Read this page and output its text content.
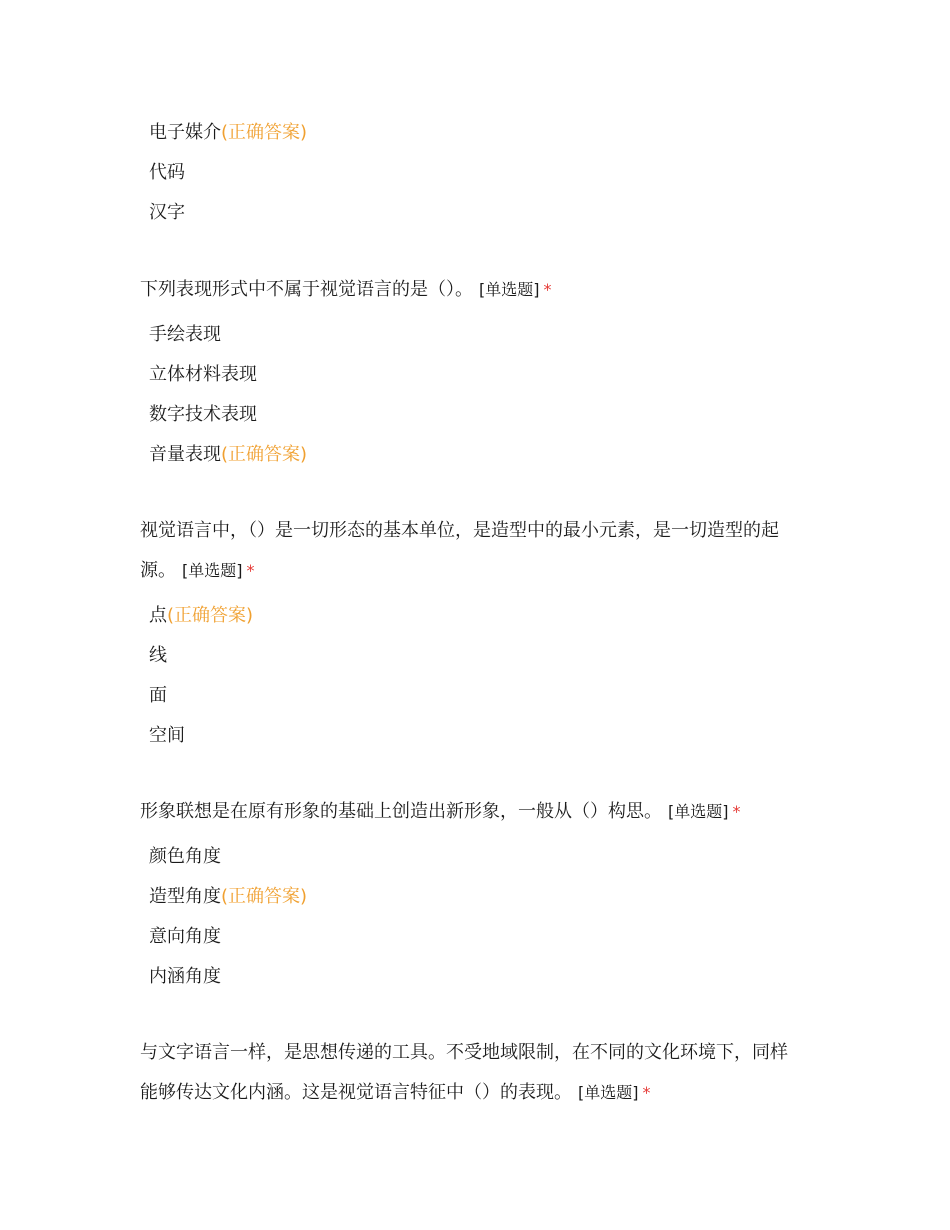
电子媒介(正确答案)
代码
汉字

下列表现形式中不属于视觉语言的是（）。 [单选题] *

手绘表现
立体材料表现
数字技术表现
音量表现(正确答案)

视觉语言中，（）是一切形态的基本单位，是造型中的最小元素，是一切造型的起
源。 [单选题] *

点(正确答案)
线
面
空间

形象联想是在原有形象的基础上创造出新形象，一般从（）构思。 [单选题] *

颜色角度
造型角度(正确答案)
意向角度
内涵角度

与文字语言一样，是思想传递的工具。不受地域限制，在不同的文化环境下，同样
能够传达文化内涵。这是视觉语言特征中（）的表现。 [单选题] *
